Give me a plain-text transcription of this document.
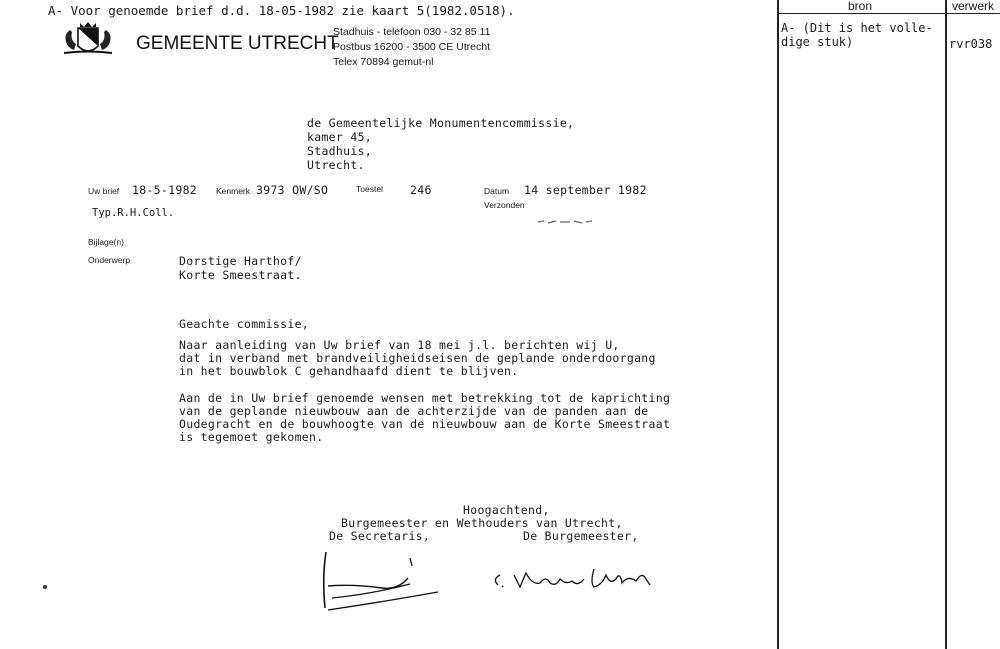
A- Voor genoemde brief d.d. 18-05-1982 zie kaart 5(1982.0518).
GEMEENTE UTRECHT
Stadhuis - telefoon 030 - 32 85 11
Postbus 16200 - 3500 CE Utrecht
Telex 70894 gemut-nl
de Gemeentelijke Monumentencommissie,
kamer 45,
Stadhuis,
Utrecht.
Uw brief 18-5-1982 Kenmerk 3973 OW/SO	Toestel 246	Datum 14 september 1982
Verzonden
Typ.R.H.Coll.
Bijlage(n)
Onderwerp	Dorstige Harthof/
Korte Smeestraat.
Geachte commissie,
Naar aanleiding van Uw brief van 18 mei j.l. berichten wij U,
dat in verband met brandveiligheidseisen de geplande onderdoorgang
in het bouwblok C gehandhaafd dient te blijven.
Aan de in Uw brief genoemde wensen met betrekking tot de kaprichting
van de geplande nieuwbouw aan de achterzijde van de panden aan de
Oudegracht en de bouwhoogte van de nieuwbouw aan de Korte Smeestraat
is tegemoet gekomen.
Hoogachtend,
Burgemeester en Wethouders van Utrecht,
De Secretaris,	De Burgemeester,
bron	verwerk
A- (Dit is het volle-
dige stuk)	rvr038
